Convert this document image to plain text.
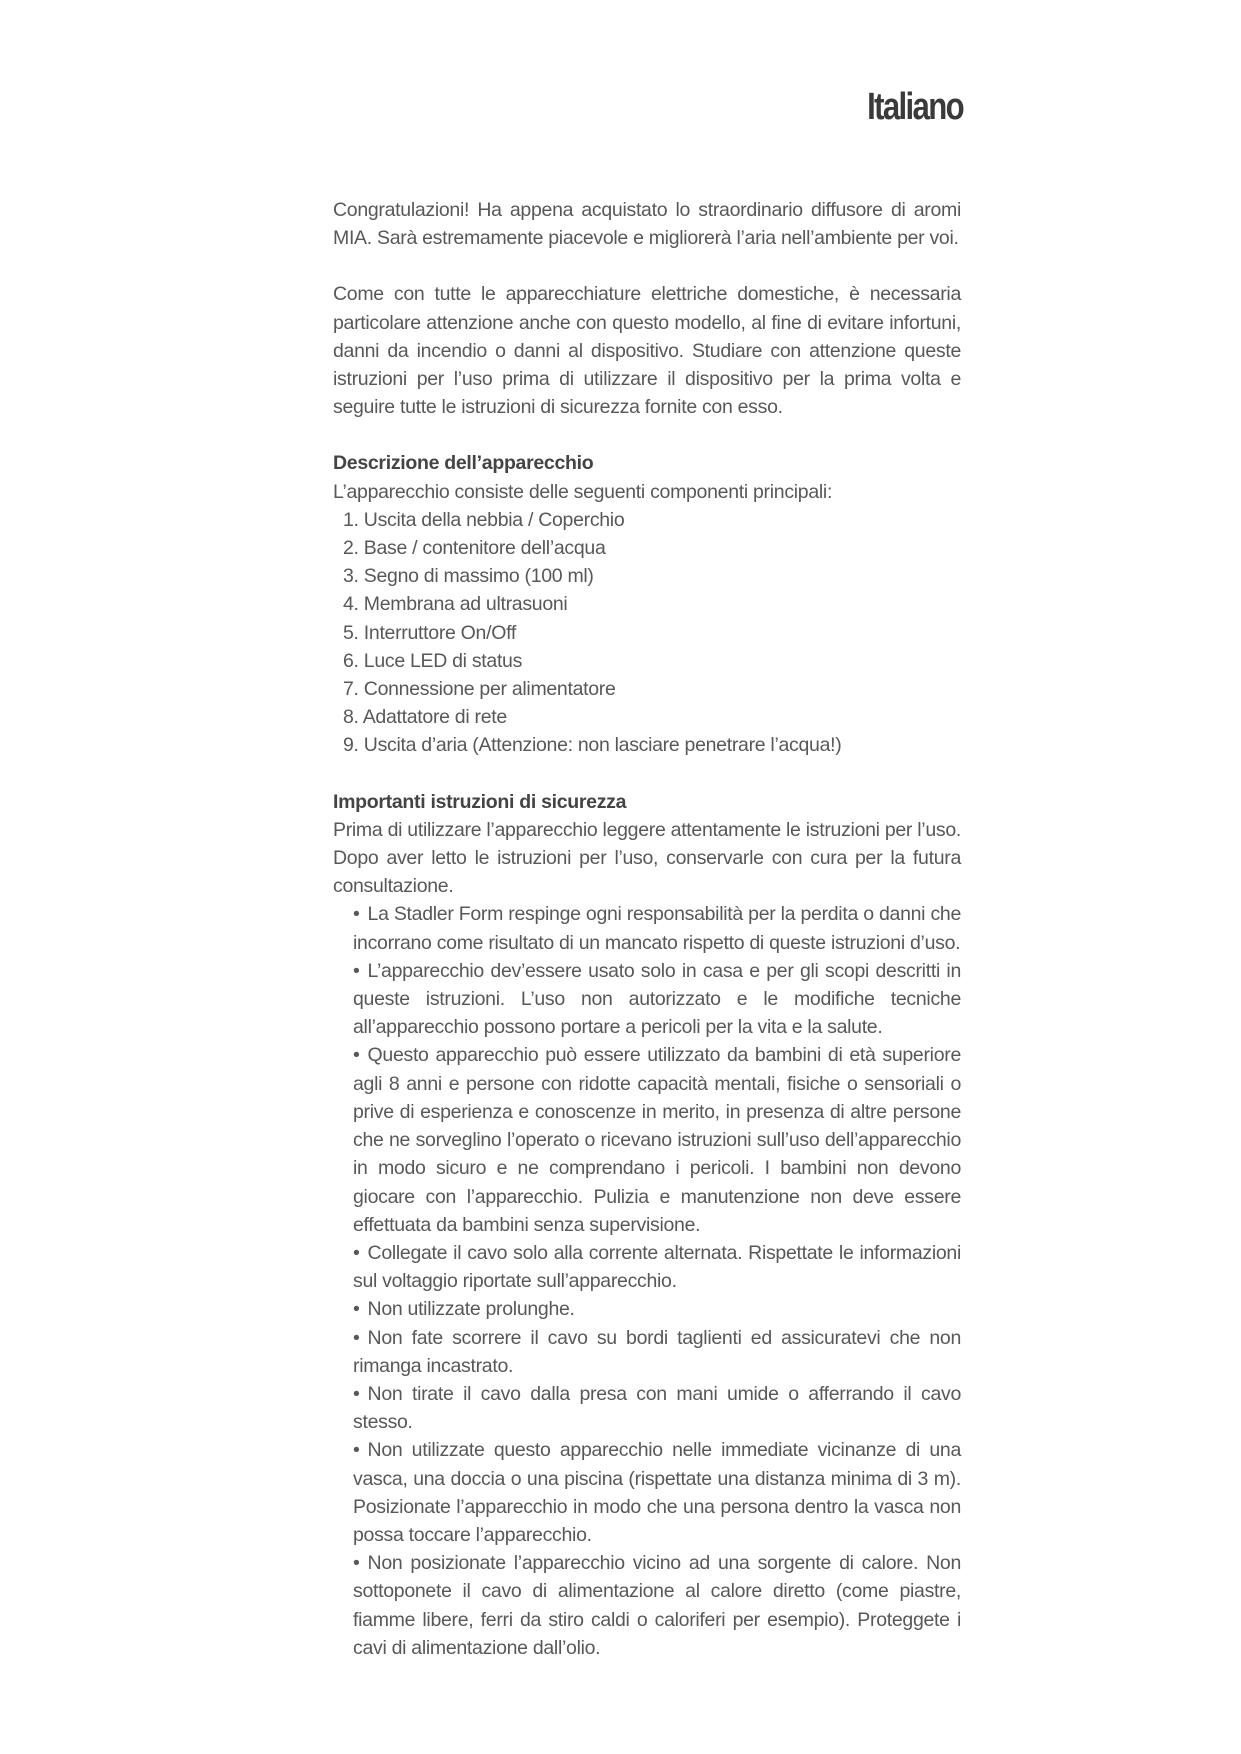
Italiano

Congratulazioni! Ha appena acquistato lo straordinario diffusore di aromi MIA. Sarà estremamente piacevole e migliorerà l’aria nell’ambiente per voi.

Come con tutte le apparecchiature elettriche domestiche, è necessaria particolare attenzione anche con questo modello, al fine di evitare infortuni, danni da incendio o danni al dispositivo. Studiare con attenzione queste istruzioni per l’uso prima di utilizzare il dispositivo per la prima volta e seguire tutte le istruzioni di sicurezza fornite con esso.

Descrizione dell’apparecchio

L’apparecchio consiste delle seguenti componenti principali:

1. Uscita della nebbia / Coperchio
2. Base / contenitore dell’acqua
3. Segno di massimo (100 ml)
4. Membrana ad ultrasuoni
5. Interruttore On/Off
6. Luce LED di status
7. Connessione per alimentatore
8. Adattatore di rete
9. Uscita d’aria (Attenzione: non lasciare penetrare l’acqua!)
Importanti istruzioni di sicurezza

Prima di utilizzare l’apparecchio leggere attentamente le istruzioni per l’uso. Dopo aver letto le istruzioni per l’uso, conservarle con cura per la futura consultazione.

• La Stadler Form respinge ogni responsabilità per la perdita o danni che incorrano come risultato di un mancato rispetto di queste istruzioni d’uso.
• L’apparecchio dev’essere usato solo in casa e per gli scopi descritti in queste istruzioni. L’uso non autorizzato e le modifiche tecniche all’apparecchio possono portare a pericoli per la vita e la salute.
• Questo apparecchio può essere utilizzato da bambini di età superiore agli 8 anni e persone con ridotte capacità mentali, fisiche o sensoriali o prive di esperienza e conoscenze in merito, in presenza di altre persone che ne sorveglino l’operato o ricevano istruzioni sull’uso dell’apparecchio in modo sicuro e ne comprendano i pericoli. I bambini non devono giocare con l’apparecchio. Pulizia e manutenzione non deve essere effettuata da bambini senza supervisione.
• Collegate il cavo solo alla corrente alternata. Rispettate le informazioni sul voltaggio riportate sull’apparecchio.
• Non utilizzate prolunghe.
• Non fate scorrere il cavo su bordi taglienti ed assicuratevi che non rimanga incastrato.
• Non tirate il cavo dalla presa con mani umide o afferrando il cavo stesso.
• Non utilizzate questo apparecchio nelle immediate vicinanze di una vasca, una doccia o una piscina (rispettate una distanza minima di 3 m). Posizionate l’apparecchio in modo che una persona dentro la vasca non possa toccare l’apparecchio.
• Non posizionate l’apparecchio vicino ad una sorgente di calore. Non sottoponete il cavo di alimentazione al calore diretto (come piastre, fiamme libere, ferri da stiro caldi o caloriferi per esempio). Proteggete i cavi di alimentazione dall’olio.
